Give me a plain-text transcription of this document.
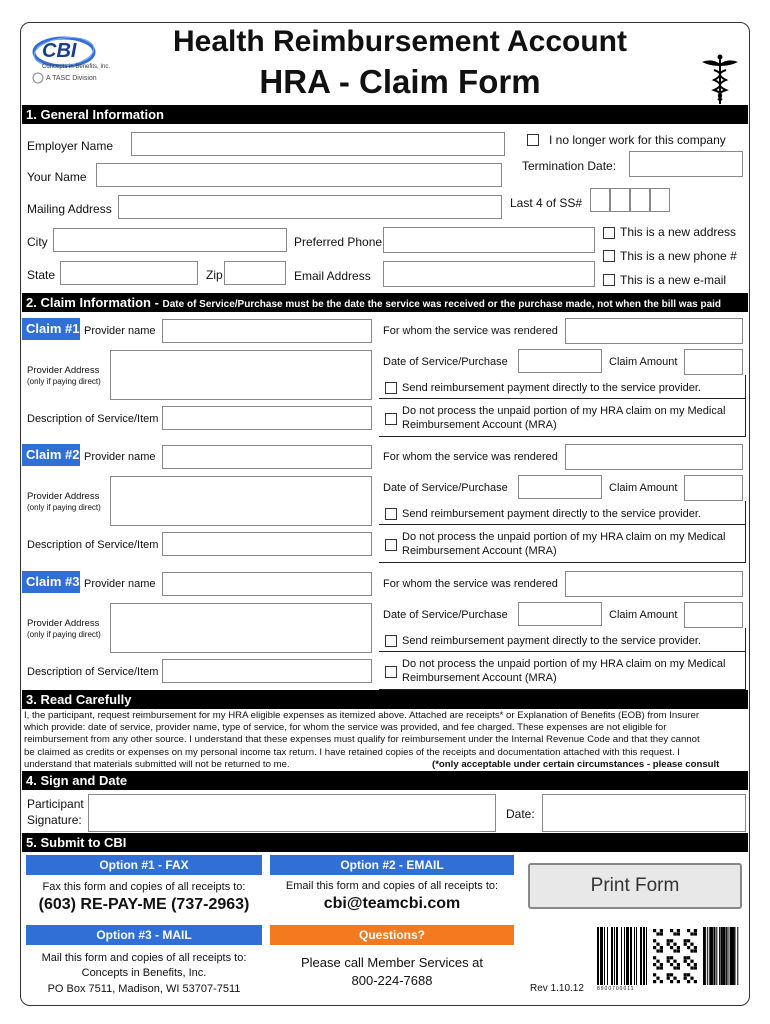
CBI
Concepts in Benefits, Inc.
A TASC Division
Health Reimbursement Account
HRA - Claim Form
1. General Information
Employer Name	I no longer work for this company
Termination Date:
Your Name
Mailing Address	Last 4 of SS#
City	Preferred Phone
This is a new address
This is a new phone #
State	Zip	Email Address	This is a new e-mail
2. Claim Information - Date of Service/Purchase must be the date the service was received or the purchase made, not when the bill was paid
Claim #1 Provider name	For whom the service was rendered
Provider Address
(only if paying direct)
Date of Service/Purchase	Claim Amount
Send reimbursement payment directly to the service provider.
Description of Service/Item
Do not process the unpaid portion of my HRA claim on my Medical
Reimbursement Account (MRA)
Claim #2 Provider name	For whom the service was rendered
Provider Address
(only if paying direct)
Date of Service/Purchase	Claim Amount
Send reimbursement payment directly to the service provider.
Description of Service/Item
Do not process the unpaid portion of my HRA claim on my Medical
Reimbursement Account (MRA)
Claim #3 Provider name	For whom the service was rendered
Provider Address
(only if paying direct)
Date of Service/Purchase	Claim Amount
Send reimbursement payment directly to the service provider.
Description of Service/Item
Do not process the unpaid portion of my HRA claim on my Medical
Reimbursement Account (MRA)
3. Read Carefully
I, the participant, request reimbursement for my HRA eligible expenses as itemized above. Attached are receipts* or Explanation of Benefits (EOB) from Insurer
which provide: date of service, provider name, type of service, for whom the service was provided, and fee charged. These expenses are not eligible for
reimbursement from any other source. I understand that these expenses must qualify for reimbursement under the Internal Revenue Code and that they cannot
be claimed as credits or expenses on my personal income tax return. I have retained copies of the receipts and documentation attached with this request. I
understand that materials submitted will not be returned to me.	(*only acceptable under certain circumstances - please consult
4. Sign and Date
Participant
Signature:	Date:
5. Submit to CBI
Option #1 - FAX
Fax this form and copies of all receipts to:
(603) RE-PAY-ME (737-2963)
Option #2 - EMAIL
Email this form and copies of all receipts to:
cbi@teamcbi.com
Print Form
Option #3 - MAIL
Mail this form and copies of all receipts to:
Concepts in Benefits, Inc.
PO Box 7511, Madison, WI 53707-7511
Questions?
Please call Member Services at
800-224-7688
Rev 1.10.12	8900700011
